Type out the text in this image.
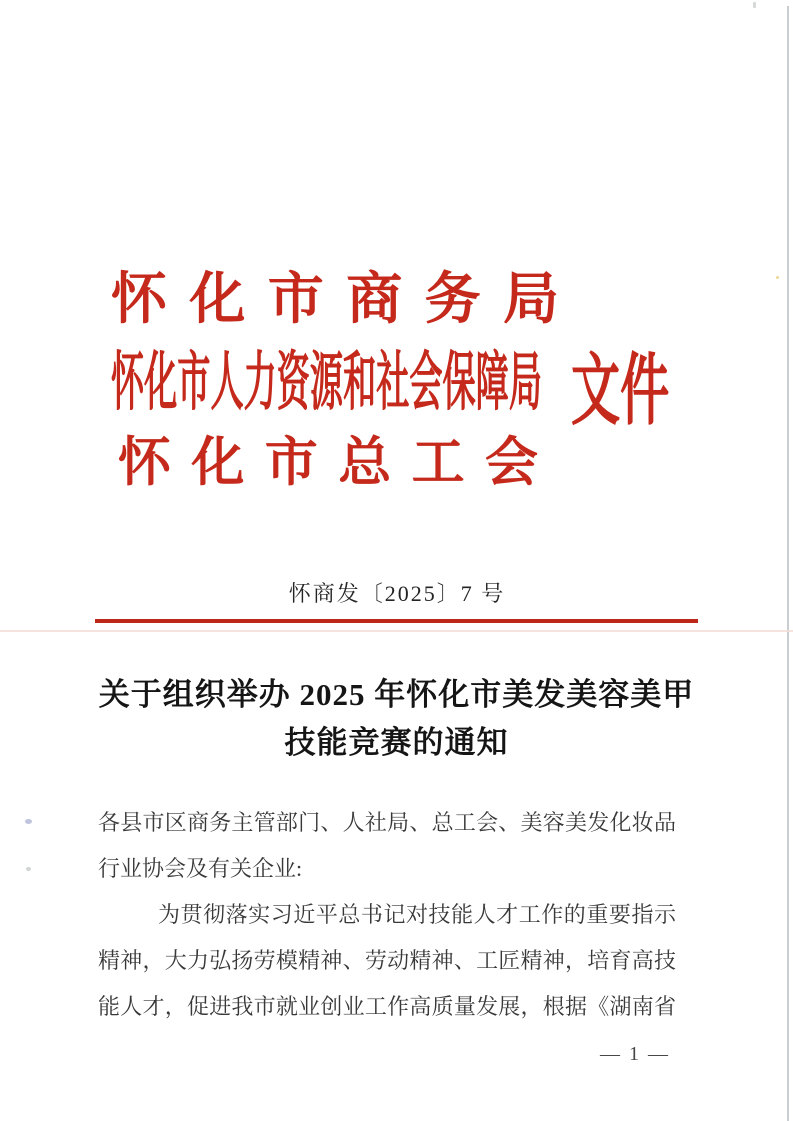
怀化市商务局
怀化市人力资源和社会保障局
怀化市总工会
文件
怀商发〔2025〕7 号
关于组织举办 2025 年怀化市美发美容美甲
技能竞赛的通知
各县市区商务主管部门、人社局、总工会、美容美发化妆品
行业协会及有关企业:
为贯彻落实习近平总书记对技能人才工作的重要指示
精神，大力弘扬劳模精神、劳动精神、工匠精神，培育高技
能人才，促进我市就业创业工作高质量发展，根据《湖南省
— 1 —
